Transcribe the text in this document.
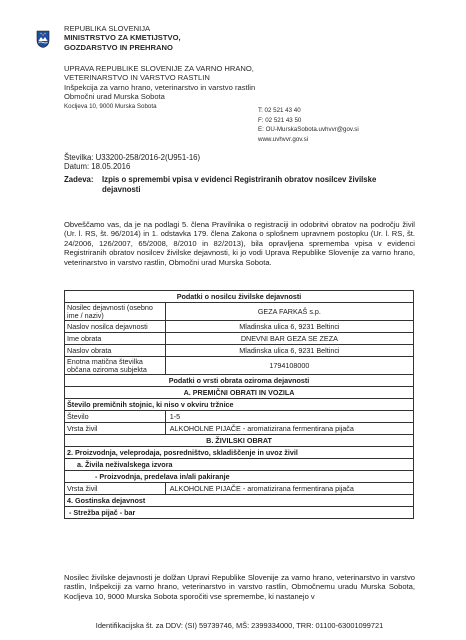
REPUBLIKA SLOVENIJA
MINISTRSTVO ZA KMETIJSTVO,
GOZDARSTVO IN PREHRANO
UPRAVA REPUBLIKE SLOVENIJE ZA VARNO HRANO,
VETERINARSTVO IN VARSTVO RASTLIN
Inšpekcija za varno hrano, veterinarstvo in varstvo rastlin
Območni urad Murska Sobota
Kocljeva 10, 9000 Murska Sobota
T: 02 521 43 40
F: 02 521 43 50
E: OU-MurskaSobota.uvhvvr@gov.si
www.uvhvvr.gov.si
Številka: U33200-258/2016-2(U951-16)
Datum: 18.05.2016
Zadeva: Izpis o spremembi vpisa v evidenci Registriranih obratov nosilcev živilske
dejavnosti
Obveščamo vas, da je na podlagi 5. člena Pravilnika o registraciji in odobritvi obratov na področju živil (Ur. l. RS, št. 96/2014) in 1. odstavka 179. člena Zakona o splošnem upravnem postopku (Ur. l. RS, št. 24/2006, 126/2007, 65/2008, 8/2010 in 82/2013), bila opravljena sprememba vpisa v evidenci Registriranih obratov nosilcev živilske dejavnosti, ki jo vodi Uprava Republike Slovenije za varno hrano, veterinarstvo in varstvo rastlin, Območni urad Murska Sobota.
Podatki o nosilcu živilske dejavnosti	
Nosilec dejavnosti (osebno ime / naziv)	GEZA FARKAŠ s.p.
Naslov nosilca dejavnosti	Mladinska ulica 6, 9231 Beltinci
Ime obrata	DNEVNI BAR GEZA SE ZEZA
Naslov obrata	Mladinska ulica 6, 9231 Beltinci
Enotna matična številka občana oziroma subjekta	1794108000
Podatki o vrsti obrata oziroma dejavnosti	
A. PREMIČNI OBRATI IN VOZILA	
Število premičnih stojnic, ki niso v okviru tržnice	
Število	1-5
Vrsta živil	ALKOHOLNE PIJAČE - aromatizirana fermentirana pijača
B. ŽIVILSKI OBRAT	
2. Proizvodnja, veleprodaja, posredništvo, skladiščenje in uvoz živil	
a. Živila neživalskega izvora	
- Proizvodnja, predelava in/ali pakiranje	
Vrsta živil	ALKOHOLNE PIJAČE - aromatizirana fermentirana pijača
4. Gostinska dejavnost	
- Strežba pijač - bar	
Nosilec živilske dejavnosti je dolžan Upravi Republike Slovenije za varno hrano, veterinarstvo in varstvo rastlin, Inšpekciji za varno hrano, veterinarstvo in varstvo rastlin, Območnemu uradu Murska Sobota, Kocljeva 10, 9000 Murska Sobota sporočiti vse spremembe, ki nastanejo v
Identifikacijska št. za DDV: (SI) 59739746, MŠ: 2399334000, TRR: 01100-63001099721
